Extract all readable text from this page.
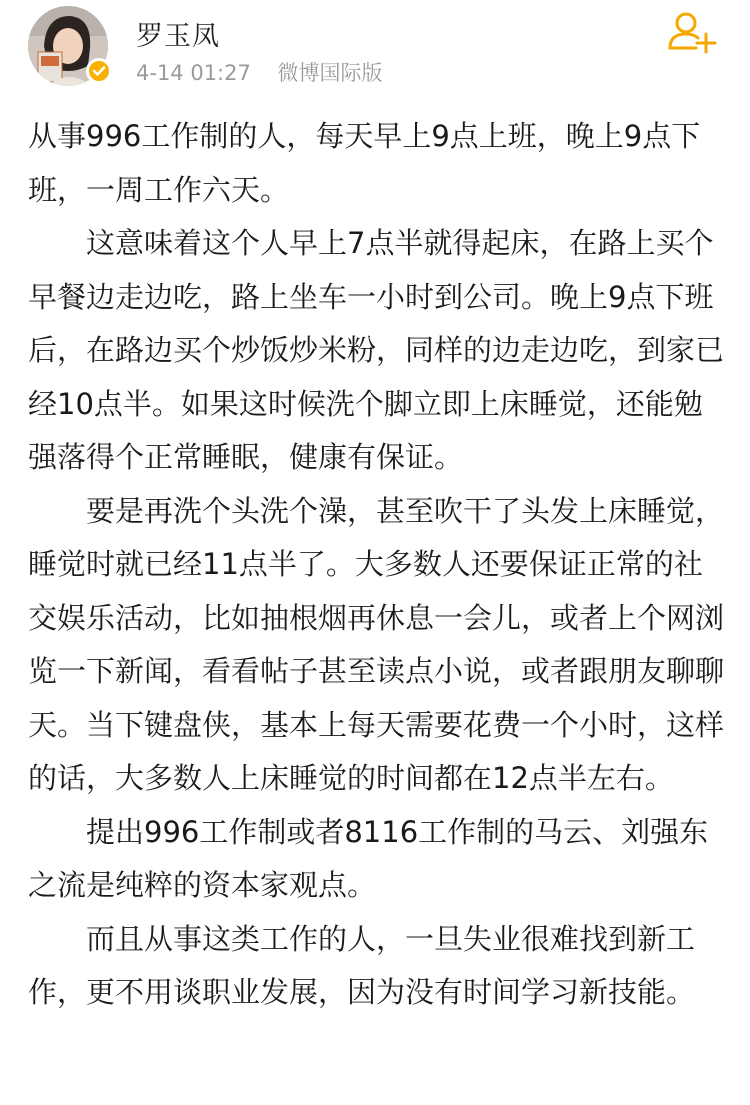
罗玉凤
4-14 01:27 微博国际版

从事996工作制的人，每天早上9点上班，晚上9点下班，一周工作六天。

　　这意味着这个人早上7点半就得起床，在路上买个早餐边走边吃，路上坐车一小时到公司。晚上9点下班后，在路边买个炒饭炒米粉，同样的边走边吃，到家已经10点半。如果这时候洗个脚立即上床睡觉，还能勉强落得个正常睡眠，健康有保证。

　　要是再洗个头洗个澡，甚至吹干了头发上床睡觉，睡觉时就已经11点半了。大多数人还要保证正常的社交娱乐活动，比如抽根烟再休息一会儿，或者上个网浏览一下新闻，看看帖子甚至读点小说，或者跟朋友聊聊天。当下键盘侠，基本上每天需要花费一个小时，这样的话，大多数人上床睡觉的时间都在12点半左右。

　　提出996工作制或者8116工作制的马云、刘强东之流是纯粹的资本家观点。

　　而且从事这类工作的人，一旦失业很难找到新工作，更不用谈职业发展，因为没有时间学习新技能。
